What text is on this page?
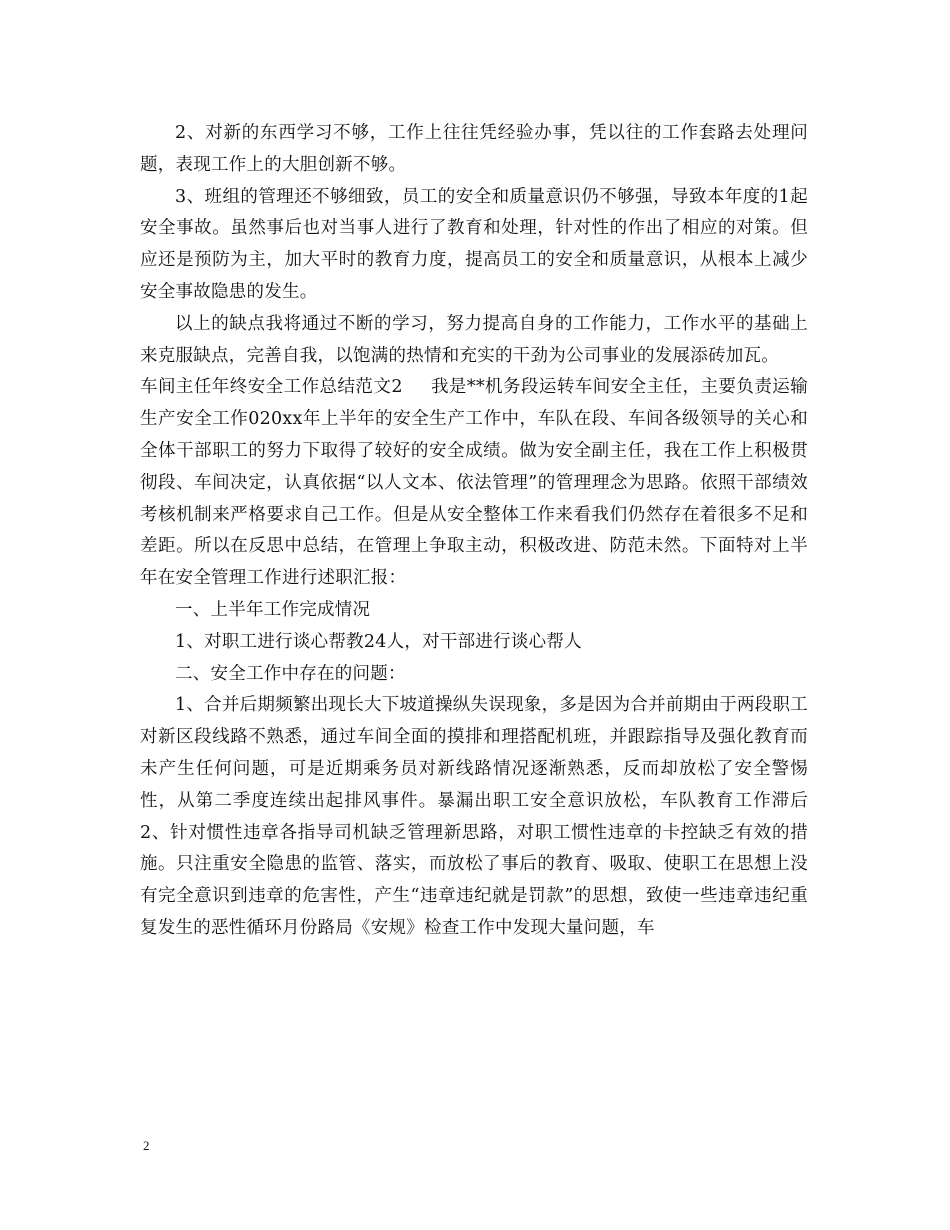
2、对新的东西学习不够，工作上往往凭经验办事，凭以往的工作套路去处理问题，表现工作上的大胆创新不够。

3、班组的管理还不够细致，员工的安全和质量意识仍不够强，导致本年度的1起安全事故。虽然事后也对当事人进行了教育和处理，针对性的作出了相应的对策。但应还是预防为主，加大平时的教育力度，提高员工的安全和质量意识，从根本上减少安全事故隐患的发生。

以上的缺点我将通过不断的学习，努力提高自身的工作能力，工作水平的基础上来克服缺点，完善自我，以饱满的热情和充实的干劲为公司事业的发展添砖加瓦。

车间主任年终安全工作总结范文2 我是**机务段运转车间安全主任，主要负责运输生产安全工作020xx年上半年的安全生产工作中，车队在段、车间各级领导的关心和全体干部职工的努力下取得了较好的安全成绩。做为安全副主任，我在工作上积极贯彻段、车间决定，认真依据“以人文本、依法管理”的管理理念为思路。依照干部绩效考核机制来严格要求自己工作。但是从安全整体工作来看我们仍然存在着很多不足和差距。所以在反思中总结，在管理上争取主动，积极改进、防范未然。下面特对上半年在安全管理工作进行述职汇报：

一、上半年工作完成情况

1、对职工进行谈心帮教24人，对干部进行谈心帮人

二、安全工作中存在的问题：

1、合并后期频繁出现长大下坡道操纵失误现象，多是因为合并前期由于两段职工对新区段线路不熟悉，通过车间全面的摸排和理搭配机班，并跟踪指导及强化教育而未产生任何问题，可是近期乘务员对新线路情况逐渐熟悉，反而却放松了安全警惕性，从第二季度连续出起排风事件。暴漏出职工安全意识放松，车队教育工作滞后2、针对惯性违章各指导司机缺乏管理新思路，对职工惯性违章的卡控缺乏有效的措施。只注重安全隐患的监管、落实，而放松了事后的教育、吸取、使职工在思想上没有完全意识到违章的危害性，产生“违章违纪就是罚款”的思想，致使一些违章违纪重复发生的恶性循环月份路局《安规》检查工作中发现大量问题，车

2
